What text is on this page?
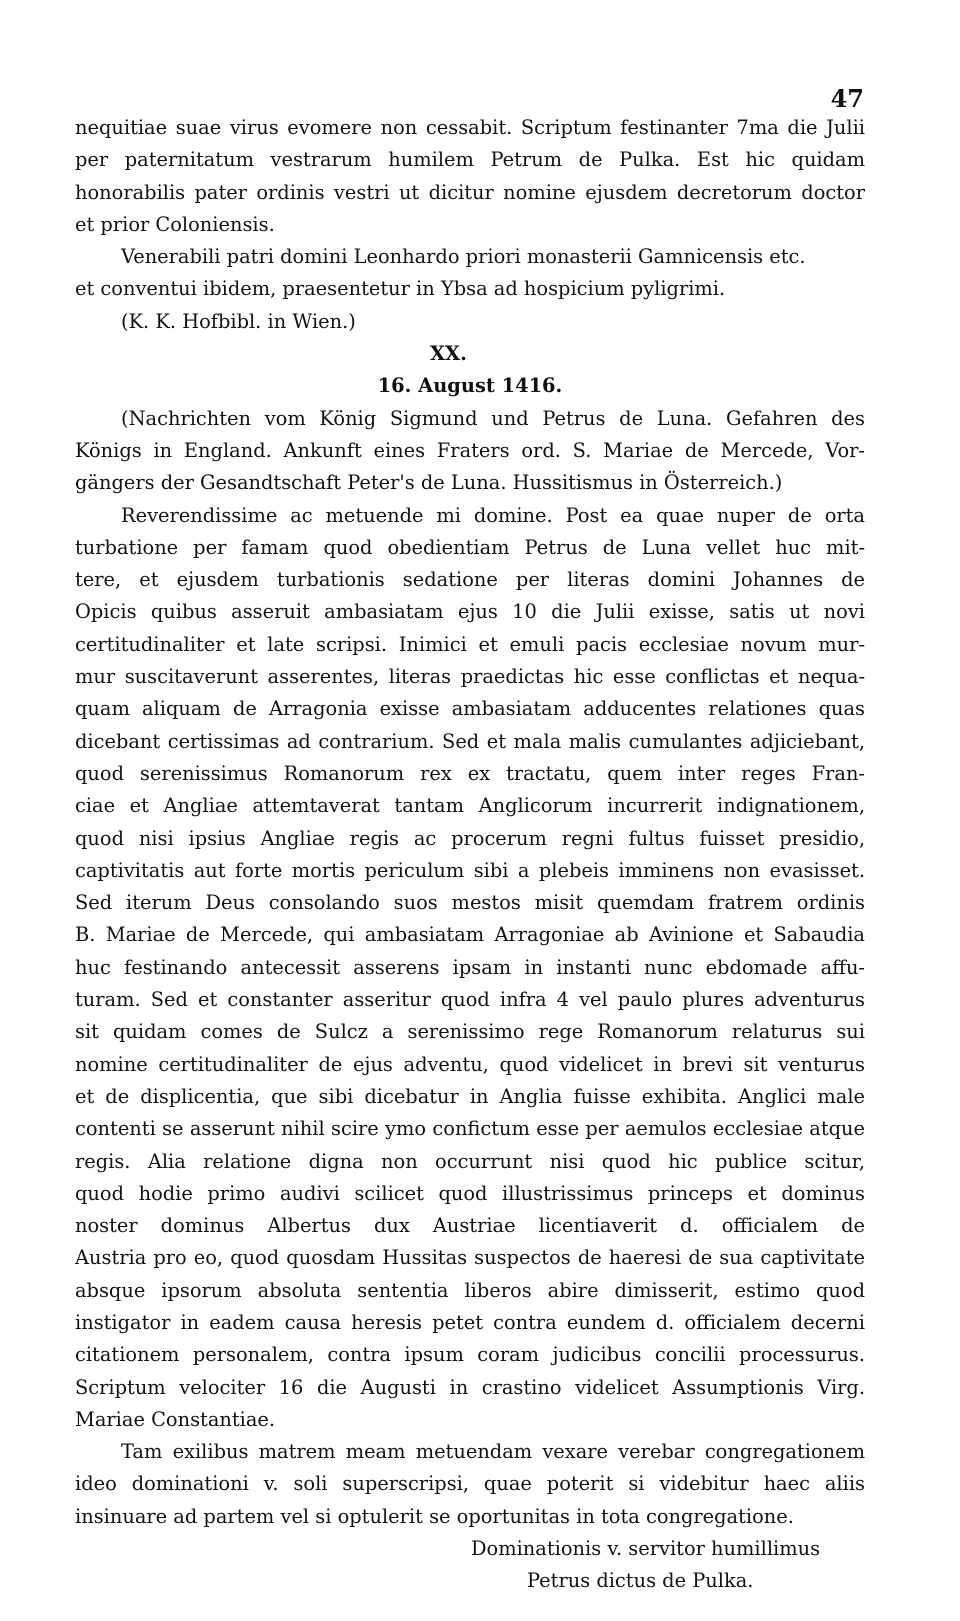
47
nequitiae suae virus evomere non cessabit. Scriptum festinanter 7ma die Julii
per paternitatum vestrarum humilem Petrum de Pulka. Est hic quidam
honorabilis pater ordinis vestri ut dicitur nomine ejusdem decretorum doctor
et prior Coloniensis.
Venerabili patri domini Leonhardo priori monasterii Gamnicensis etc.
et conventui ibidem, praesentetur in Ybsa ad hospicium pyligrimi.
(K. K. Hofbibl. in Wien.)
XX.
16. August 1416.
(Nachrichten vom König Sigmund und Petrus de Luna. Gefahren des
Königs in England. Ankunft eines Fraters ord. S. Mariae de Mercede, Vor-
gängers der Gesandtschaft Peter's de Luna. Hussitismus in Österreich.)
Reverendissime ac metuende mi domine. Post ea quae nuper de orta
turbatione per famam quod obedientiam Petrus de Luna vellet huc mit-
tere, et ejusdem turbationis sedatione per literas domini Johannes de
Opicis quibus asseruit ambasiatam ejus 10 die Julii exisse, satis ut novi
certitudinaliter et late scripsi. Inimici et emuli pacis ecclesiae novum mur-
mur suscitaverunt asserentes, literas praedictas hic esse conflictas et nequa-
quam aliquam de Arragonia exisse ambasiatam adducentes relationes quas
dicebant certissimas ad contrarium. Sed et mala malis cumulantes adjiciebant,
quod serenissimus Romanorum rex ex tractatu, quem inter reges Fran-
ciae et Angliae attemtaverat tantam Anglicorum incurrerit indignationem,
quod nisi ipsius Angliae regis ac procerum regni fultus fuisset presidio,
captivitatis aut forte mortis periculum sibi a plebeis imminens non evasisset.
Sed iterum Deus consolando suos mestos misit quemdam fratrem ordinis
B. Mariae de Mercede, qui ambasiatam Arragoniae ab Avinione et Sabaudia
huc festinando antecessit asserens ipsam in instanti nunc ebdomade affu-
turam. Sed et constanter asseritur quod infra 4 vel paulo plures adventurus
sit quidam comes de Sulcz a serenissimo rege Romanorum relaturus sui
nomine certitudinaliter de ejus adventu, quod videlicet in brevi sit venturus
et de displicentia, que sibi dicebatur in Anglia fuisse exhibita. Anglici male
contenti se asserunt nihil scire ymo confictum esse per aemulos ecclesiae atque
regis. Alia relatione digna non occurrunt nisi quod hic publice scitur,
quod hodie primo audivi scilicet quod illustrissimus princeps et dominus
noster dominus Albertus dux Austriae licentiaverit d. officialem de
Austria pro eo, quod quosdam Hussitas suspectos de haeresi de sua captivitate
absque ipsorum absoluta sententia liberos abire dimisserit, estimo quod
instigator in eadem causa heresis petet contra eundem d. officialem decerni
citationem personalem, contra ipsum coram judicibus concilii processurus.
Scriptum velociter 16 die Augusti in crastino videlicet Assumptionis Virg.
Mariae Constantiae.
Tam exilibus matrem meam metuendam vexare verebar congregationem
ideo dominationi v. soli superscripsi, quae poterit si videbitur haec aliis
insinuare ad partem vel si optulerit se oportunitas in tota congregatione.
Dominationis v. servitor humillimus
Petrus dictus de Pulka.
